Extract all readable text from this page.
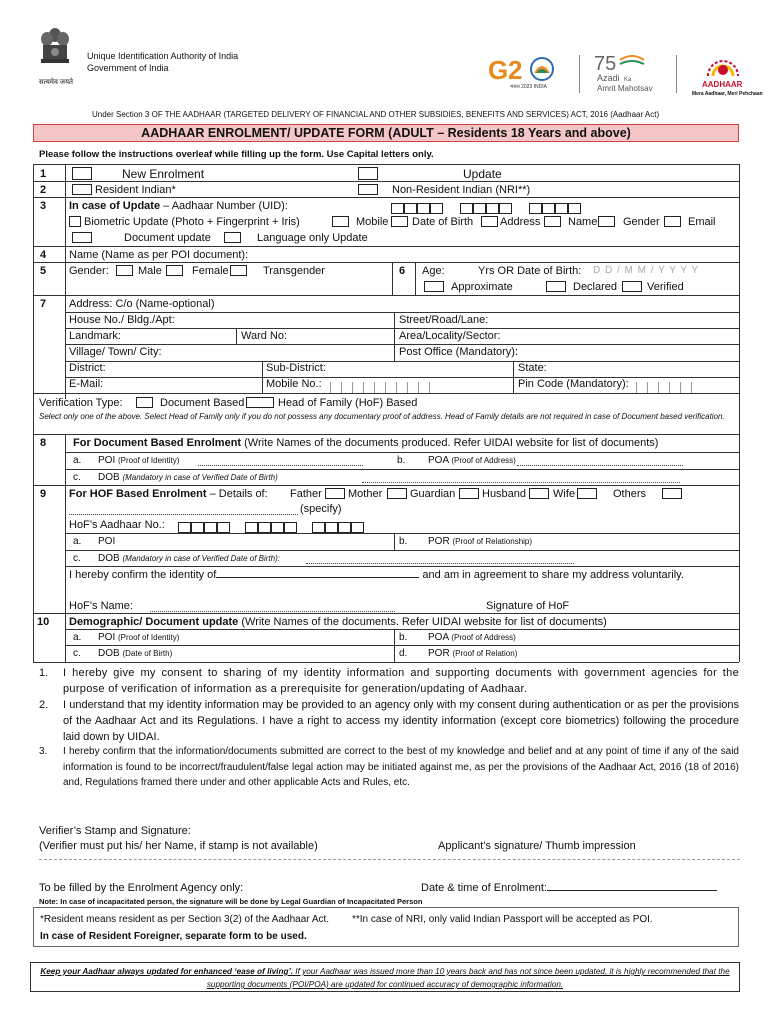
सत्यमेव जयते
Unique Identification Authority of India
Government of India	G 2
भारत 2023 INDIA
75
Azadi Ka
Amrit Mahotsav	AADHAAR
Mera Aadhaar, Meri Pehchaan
Under Section 3 OF THE AADHAAR (TARGETED DELIVERY OF FINANCIAL AND OTHER SUBSIDIES, BENEFITS AND SERVICES) ACT, 2016 (Aadhaar Act)
AADHAAR ENROLMENT/ UPDATE FORM (ADULT – Residents 18 Years and above)
Please follow the instructions overleaf while filling up the form. Use Capital letters only.
1	New Enrolment	Update
2	Resident Indian*	Non-Resident Indian (NRI**)
3 In case of Update – Aadhaar Number (UID):

Biometric Update (Photo + Fingerprint + Iris)	Mobile Date of Birth Address	Name Gender	Email
Document update	Language only Update
4 Name (Name as per POI document):
5 Gender:	Male	Female	Transgender	6 Age:	Yrs OR Date of Birth: D D / M M / Y Y Y Y
Approximate	Declared	Verified
7 Address: C/o (Name-optional)
House No./ Bldg./Apt:	Street/Road/Lane:
Landmark:	Ward No:	Area/Locality/Sector:
Village/ Town/ City:	Post Office (Mandatory):
District:	Sub-District:	State:
E-Mail:	Mobile No.:	Pin Code (Mandatory):
Verification Type:	Document Based	Head of Family (HoF) Based
Select only one of the above. Select Head of Family only if you do not possess any documentary proof of address. Head of Family details are not required in case of Document based verification.
8 For Document Based Enrolment (Write Names of the documents produced. Refer UIDAI website for list of documents)
a. POI (Proof of Identity)	b. POA (Proof of Address)
c. DOB (Mandatory in case of Verified Date of Birth)
9 For HOF Based Enrolment – Details of: Father Mother	Guardian Husband Wife	Others
(specify)
HoF’s Aadhaar No.:

a. POI	b. POR (Proof of Relationship)
c. DOB (Mandatory in case of Verified Date of Birth):
I hereby confirm the identity of	and am in agreement to share my address voluntarily.
HoF’s Name:	Signature of HoF
10 Demographic/ Document update (Write Names of the documents. Refer UIDAI website for list of documents)
a. POI (Proof of Identity)	b. POA (Proof of Address)
c. DOB (Date of Birth)	d. POR (Proof of Relation)
1. I hereby give my consent to sharing of my identity information and supporting documents with government agencies for the purpose of verification of information as a prerequisite for generation/updating of Aadhaar.
2. I understand that my identity information may be provided to an agency only with my consent during authentication or as per the provisions of the Aadhaar Act and its Regulations. I have a right to access my identity information (except core biometrics) following the procedure laid down by UIDAI.
3. I hereby confirm that the information/documents submitted are correct to the best of my knowledge and belief and at any point of time if any of the said information is found to be incorrect/fraudulent/false legal action may be initiated against me, as per the provisions of the Aadhaar Act, 2016 (18 of 2016) and, Regulations framed there under and other applicable Acts and Rules, etc.
Verifier’s Stamp and Signature:
(Verifier must put his/ her Name, if stamp is not available)	Applicant’s signature/ Thumb impression
To be filled by the Enrolment Agency only:	Date & time of Enrolment:
Note: In case of incapacitated person, the signature will be done by Legal Guardian of Incapacitated Person
*Resident means resident as per Section 3(2) of the Aadhaar Act. **In case of NRI, only valid Indian Passport will be accepted as POI.
In case of Resident Foreigner, separate form to be used.
Keep your Aadhaar always updated for enhanced ‘ease of living’. If your Aadhaar was issued more than 10 years back and has not since been updated, it is highly recommended that the supporting documents (POI/POA) are updated for continued accuracy of demographic information.
